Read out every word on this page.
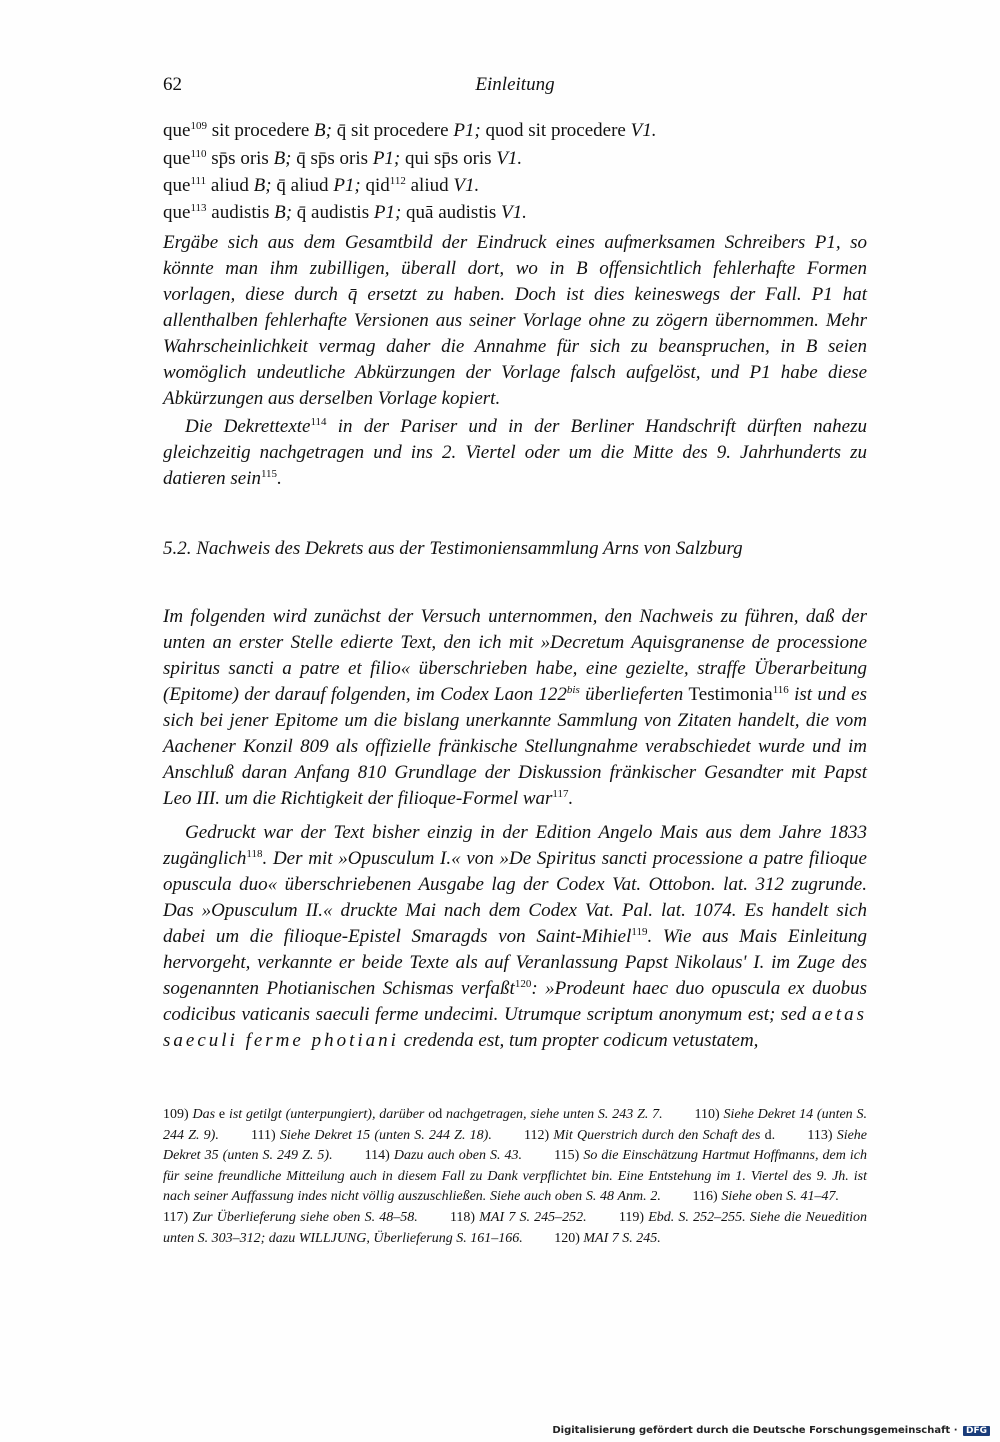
62	Einleitung
que$^{109}$ sit procedere B; q̄ sit procedere P1; quod sit procedere V1.
que$^{110}$ sp̄s oris B; q̄ sp̄s oris P1; qui sp̄s oris V1.
que$^{111}$ aliud B; q̄ aliud P1; qid$^{112}$ aliud V1.
que$^{113}$ audistis B; q̄ audistis P1; quā audistis V1.

Ergäbe sich aus dem Gesamtbild der Eindruck eines aufmerksamen Schreibers P1, so könnte man ihm zubilligen, überall dort, wo in B offensichtlich fehlerhafte Formen vorlagen, diese durch q̄ ersetzt zu haben. Doch ist dies keineswegs der Fall. P1 hat allenthalben fehlerhafte Versionen aus seiner Vorlage ohne zu zögern übernommen. Mehr Wahrscheinlichkeit vermag daher die Annahme für sich zu beanspruchen, in B seien womöglich undeutliche Abkürzungen der Vorlage falsch aufgelöst, und P1 habe diese Abkürzungen aus derselben Vorlage kopiert.

Die Dekrettexte$^{114}$ in der Pariser und in der Berliner Handschrift dürften nahezu gleichzeitig nachgetragen und ins 2. Viertel oder um die Mitte des 9. Jahrhunderts zu datieren sein$^{115}$.

5.2. Nachweis des Dekrets aus der Testimoniensammlung Arns von Salzburg

Im folgenden wird zunächst der Versuch unternommen, den Nachweis zu führen, daß der unten an erster Stelle edierte Text, den ich mit »Decretum Aquisgranense de processione spiritus sancti a patre et filio« überschrieben habe, eine gezielte, straffe Überarbeitung (Epitome) der darauf folgenden, im Codex Laon $122^{bis}$ überlieferten Testimonia$^{116}$ ist und es sich bei jener Epitome um die bislang unerkannte Sammlung von Zitaten handelt, die vom Aachener Konzil 809 als offizielle fränkische Stellungnahme verabschiedet wurde und im Anschluß daran Anfang 810 Grundlage der Diskussion fränkischer Gesandter mit Papst Leo III. um die Richtigkeit der filioque-Formel war$^{117}$.

Gedruckt war der Text bisher einzig in der Edition Angelo Mais aus dem Jahre 1833 zugänglich$^{118}$. Der mit »Opusculum I.« von »De Spiritus sancti processione a patre filioque opuscula duo« überschriebenen Ausgabe lag der Codex Vat. Ottobon. lat. 312 zugrunde. Das »Opusculum II.« druckte Mai nach dem Codex Vat. Pal. lat. 1074. Es handelt sich dabei um die filioque-Epistel Smaragds von Saint-Mihiel$^{119}$. Wie aus Mais Einleitung hervorgeht, verkannte er beide Texte als auf Veranlassung Papst Nikolaus' I. im Zuge des sogenannten Photianischen Schismas verfaßt$^{120}$: »Prodeunt haec duo opuscula ex duobus codicibus vaticanis saeculi ferme undecimi. Utrumque scriptum anonymum est; sed aetas saeculi ferme photiani credenda est, tum propter codicum vetustatem,

109) Das e ist getilgt (unterpungiert), darüber od nachgetragen, siehe unten S. 243 Z. 7.   110) Siehe Dekret 14 (unten S. 244 Z. 9).   111) Siehe Dekret 15 (unten S. 244 Z. 18).   112) Mit Querstrich durch den Schaft des d.   113) Siehe Dekret 35 (unten S. 249 Z. 5).   114) Dazu auch oben S. 43.   115) So die Einschätzung Hartmut Hoffmanns, dem ich für seine freundliche Mitteilung auch in diesem Fall zu Dank verpflichtet bin. Eine Entstehung im 1. Viertel des 9. Jh. ist nach seiner Auffassung indes nicht völlig auszuschließen. Siehe auch oben S. 48 Anm. 2.   116) Siehe oben S. 41–47.   117) Zur Überlieferung siehe oben S. 48–58.   118) MAI 7 S. 245–252.   119) Ebd. S. 252–255. Siehe die Neuedition unten S. 303–312; dazu WILLJUNG, Überlieferung S. 161–166.   120) MAI 7 S. 245.

Digitalisierung gefördert durch die Deutsche Forschungsgemeinschaft · DFG
